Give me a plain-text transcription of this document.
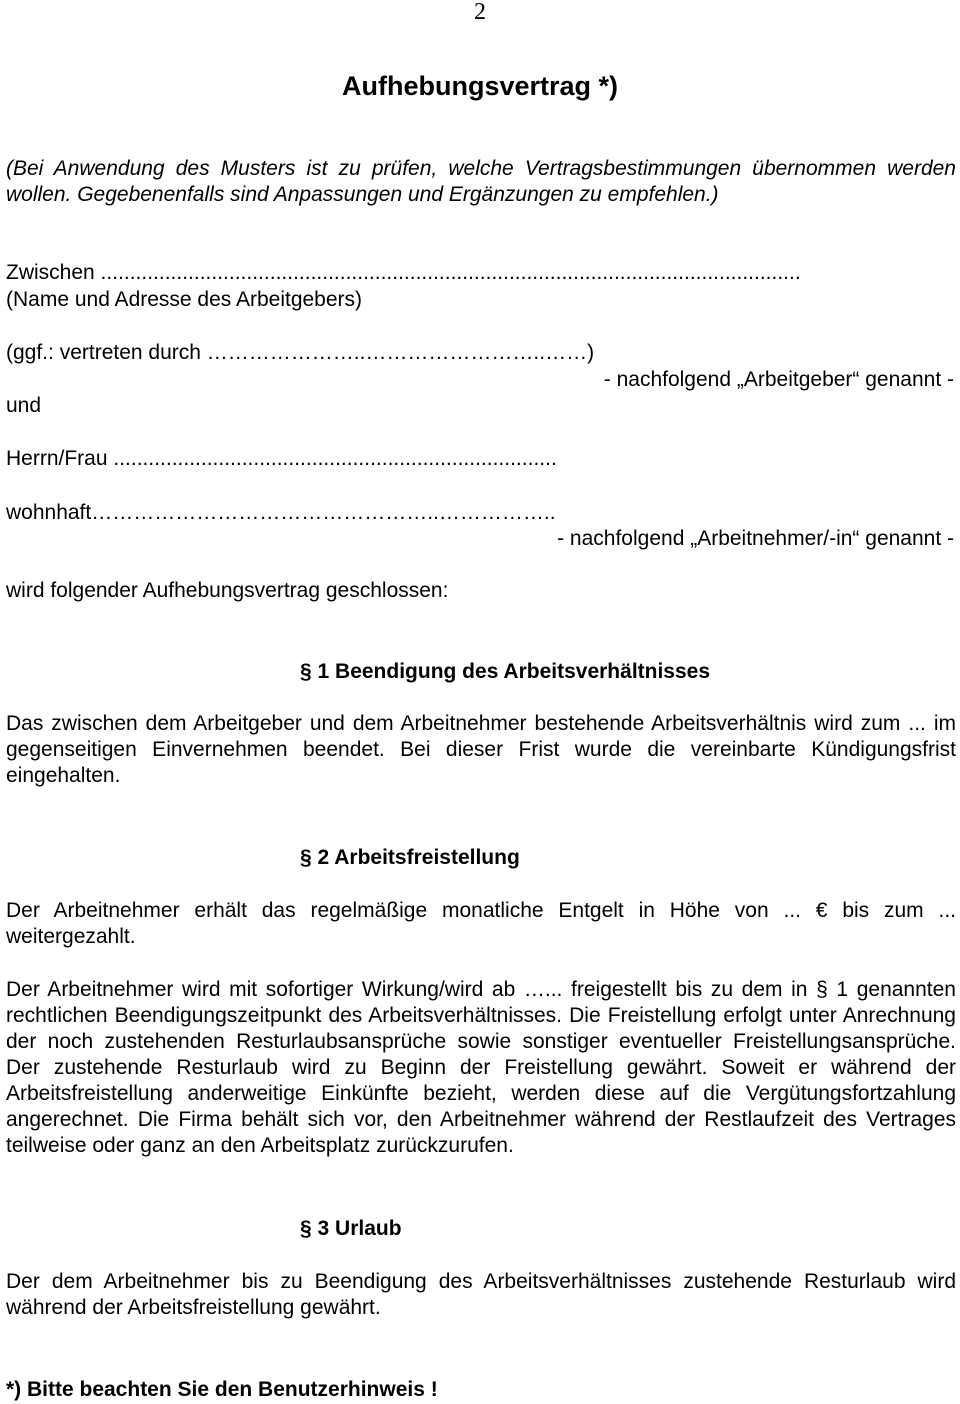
2
Aufhebungsvertrag *)
(Bei Anwendung des Musters ist zu prüfen, welche Vertragsbestimmungen übernommen werden wollen. Gegebenenfalls sind Anpassungen und Ergänzungen zu empfehlen.)
Zwischen ........................................................................................................................
(Name und Adresse des Arbeitgebers)
(ggf.: vertreten durch …………………..……………………..……)
- nachfolgend „Arbeitgeber“ genannt -
und
Herrn/Frau ............................................................................
wohnhaft…………………………………………..……………..
- nachfolgend „Arbeitnehmer/-in“ genannt -
wird folgender Aufhebungsvertrag geschlossen:
§ 1 Beendigung des Arbeitsverhältnisses
Das zwischen dem Arbeitgeber und dem Arbeitnehmer bestehende Arbeitsverhältnis wird zum ... im gegenseitigen Einvernehmen beendet. Bei dieser Frist wurde die vereinbarte Kündigungsfrist eingehalten.
§ 2 Arbeitsfreistellung
Der Arbeitnehmer erhält das regelmäßige monatliche Entgelt in Höhe von ... € bis zum ... weitergezahlt.
Der Arbeitnehmer wird mit sofortiger Wirkung/wird ab …... freigestellt bis zu dem in § 1 genannten rechtlichen Beendigungszeitpunkt des Arbeitsverhältnisses. Die Freistellung erfolgt unter Anrechnung der noch zustehenden Resturlaubsansprüche sowie sonstiger eventueller Freistellungsansprüche. Der zustehende Resturlaub wird zu Beginn der Freistellung gewährt. Soweit er während der Arbeitsfreistellung anderweitige Einkünfte bezieht, werden diese auf die Vergütungsfortzahlung angerechnet. Die Firma behält sich vor, den Arbeitnehmer während der Restlaufzeit des Vertrages teilweise oder ganz an den Arbeitsplatz zurückzurufen.
§ 3 Urlaub
Der dem Arbeitnehmer bis zu Beendigung des Arbeitsverhältnisses zustehende Resturlaub wird während der Arbeitsfreistellung gewährt.
*) Bitte beachten Sie den Benutzerhinweis !
